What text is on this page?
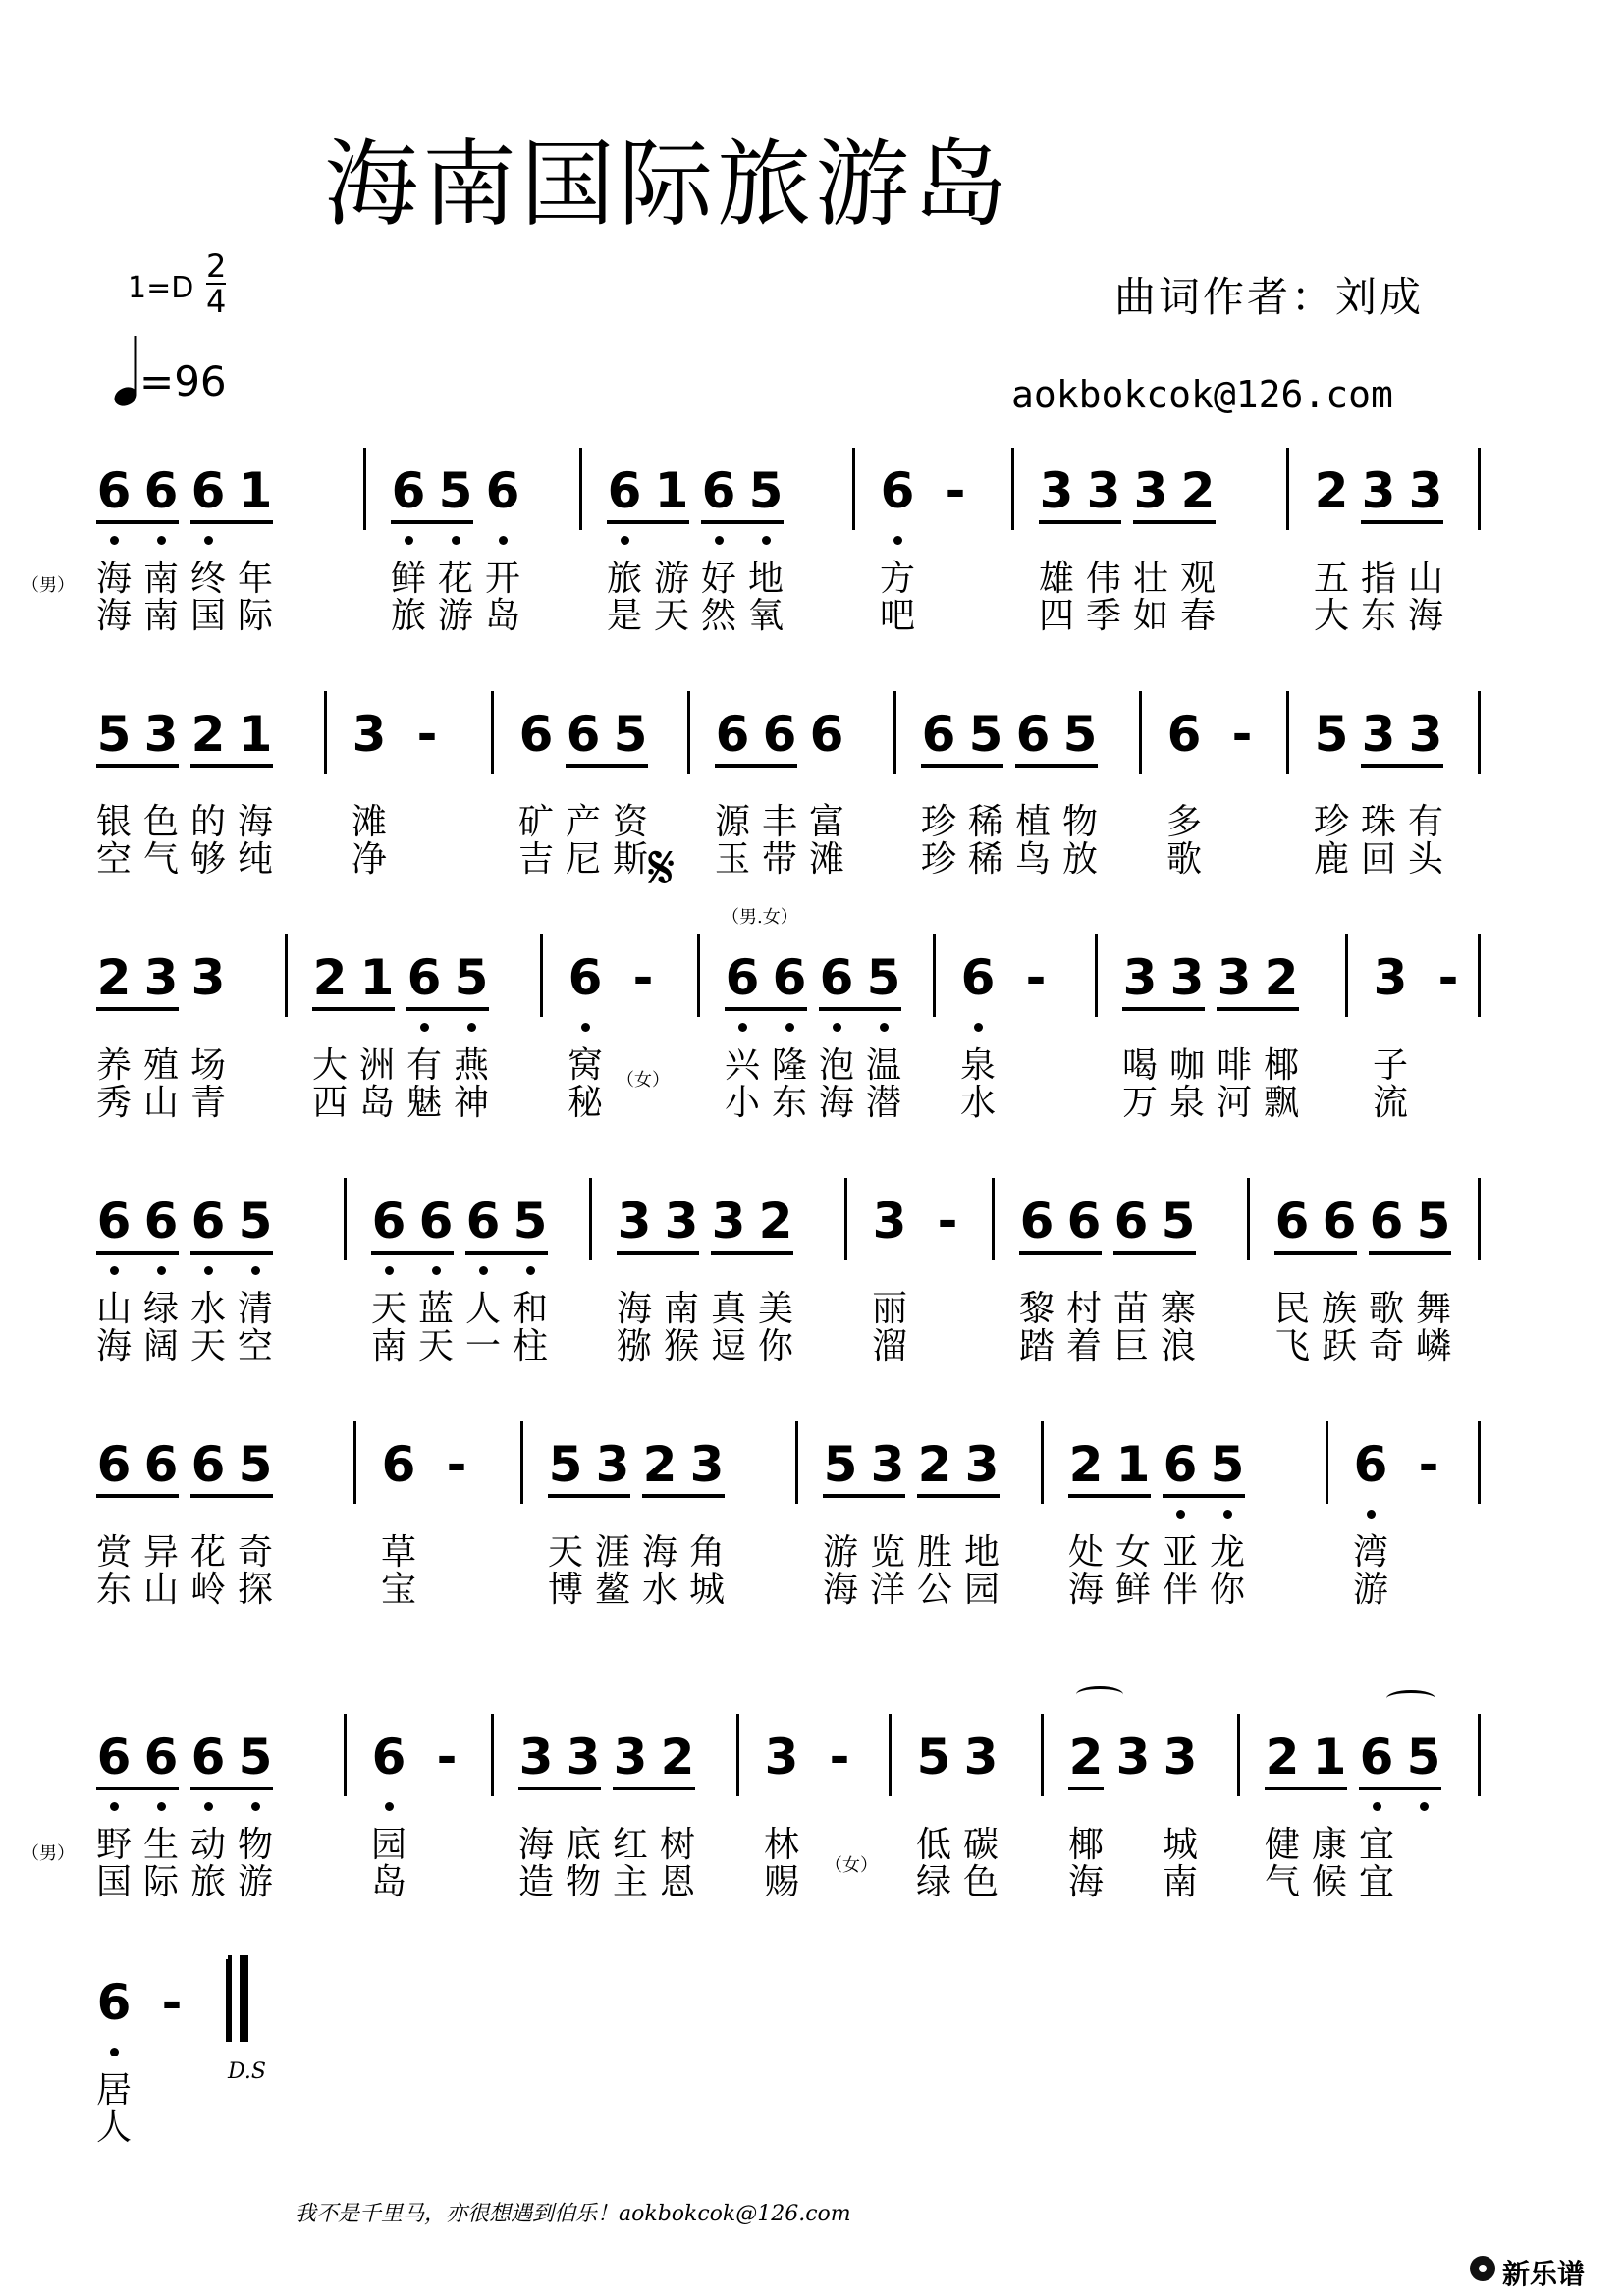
海南国际旅游岛
1=D
2
4
=96
曲词作者：刘成
aokbokcok@126.com
6 6 6 1
海 南 终 年
海 南 国 际
6 5 6
鲜 花 开
旅 游 岛
6 1 6 5
旅 游 好 地
是 天 然 氧
6 -
方
吧
3 3 3 2
雄 伟 壮 观
四 季 如 春
2 3 3
五 指 山
大 东 海
5 3 2 1
银 色 的 海
空 气 够 纯
3 -
滩
净
6 6 5
矿 产 资
吉 尼 斯
6 6 6
源 丰 富
玉 带 滩
6 5 6 5
珍 稀 植 物
珍 稀 鸟 放
6 -
多
歌
5 3 3
珍 珠 有
鹿 回 头
2 3 3
养 殖 场
秀 山 青
2 1 6 5
大 洲 有 燕
西 岛 魅 神
6 -
窝
秘
6 6 6 5
兴 隆 泡 温
小 东 海 潜
6 -
泉
水
3 3 3 2
喝 咖 啡 椰
万 泉 河 飘
3 -
子
流
6 6 6 5
山 绿 水 清
海 阔 天 空
6 6 6 5
天 蓝 人 和
南 天 一 柱
3 3 3 2
海 南 真 美
猕 猴 逗 你
3 -
丽
溜
6 6 6 5
黎 村 苗 寨
踏 着 巨 浪
6 6 6 5
民 族 歌 舞
飞 跃 奇 嶙
6 6 6 5
赏 异 花 奇
东 山 岭 探
6 -
草
宝
5 3 2 3
天 涯 海 角
博 鳌 水 城
5 3 2 3
游 览 胜 地
海 洋 公 园
2 1 6 5
处 女 亚 龙
海 鲜 伴 你
6 -
湾
游
6 6 6 5
野 生 动 物
国 际 旅 游
6 -
园
岛
3 3 3 2
海 底 红 树
造 物 主 恩
3 -
林
赐
5 3
低 碳
绿 色
2 3 3
椰 城
海 南
2 1 6 5
健 康 宜
气 候 宜
6 -
居
人
（男）
（男.女）
（女）
（男）
（女）
D.S
𝄋
我不是千里马，亦很想遇到伯乐！aokbokcok@126.com
新乐谱
